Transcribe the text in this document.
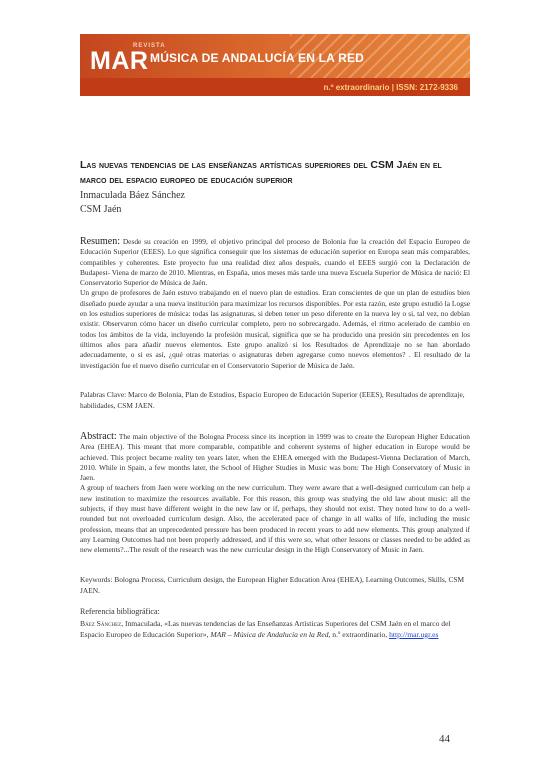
REVISTA
MAR MÚSICA DE ANDALUCÍA EN LA RED
n.º extraordinario | ISSN: 2172-9336
Las nuevas tendencias de las enseñanzas artísticas superiores del CSM Jaén en el marco del espacio europeo de educación superior
Inmaculada Báez Sánchez
CSM Jaén

Resumen: Desde su creación en 1999, el objetivo principal del proceso de Bolonia fue la creación del Espacio Europeo de Educación Superior (EEES). Lo que significa conseguir que los sistemas de educación superior en Europa sean más comparables, compatibles y coherentes. Este proyecto fue una realidad diez años después, cuando el EEES surgió con la Declaración de Budapest- Viena de marzo de 2010. Mientras, en España, unos meses más tarde una nueva Escuela Superior de Música de nació: El Conservatorio Superior de Música de Jaén.

Un grupo de profesores de Jaén estuvo trabajando en el nuevo plan de estudios. Eran conscientes de que un plan de estudios bien diseñado puede ayudar a una nueva institución para maximizar los recursos disponibles. Por esta razón, este grupo estudió la Logse en los estudios superiores de música: todas las asignaturas, si deben tener un peso diferente en la nueva ley o si, tal vez, no debían existir. Observaron cómo hacer un diseño curricular completo, pero no sobrecargado. Además, el ritmo acelerado de cambio en todos los ámbitos de la vida, incluyendo la profesión musical, significa que se ha producido una presión sin precedentes en los últimos años para añadir nuevos elementos. Este grupo analizó si los Resultados de Aprendizaje no se han abordado adecuadamente, o si es así, ¿qué otras materias o asignaturas deben agregarse como nuevos elementos? . El resultado de la investigación fue el nuevo diseño curricular en el Conservatorio Superior de Música de Jaén.

Palabras Clave: Marco de Bolonia, Plan de Estudios, Espacio Europeo de Educación Superior (EEES), Resultados de aprendizaje, habilidades, CSM JAEN.

Abstract: The main objective of the Bologna Process since its inception in 1999 was to create the European Higher Education Area (EHEA). This meant that more comparable, compatible and coherent systems of higher education in Europe would be achieved. This project became reality ten years later, when the EHEA emerged with the Budapest-Vienna Declaration of March, 2010. While in Spain, a few months later, the School of Higher Studies in Music was born: The High Conservatory of Music in Jaen.

A group of teachers from Jaen were working on the new curriculum. They were aware that a well-designed curriculum can help a new institution to maximize the resources available. For this reason, this group was studying the old law about music: all the subjects, if they must have different weight in the new law or if, perhaps, they should not exist. They noted how to do a well-rounded but not overloaded curriculum design. Also, the accelerated pace of change in all walks of life, including the music profession, means that an unprecedented pressure has been produced in recent years to add new elements. This group analyzed if any Learning Outcomes had not been properly addressed, and if this were so, what other lessons or classes needed to be added as new elements?...The result of the research was the new curricular design in the High Conservatory of Music in Jaen.

Keywords: Bologna Process, Curriculum design, the European Higher Education Area (EHEA), Learning Outcomes, Skills, CSM JAEN.
Referencia bibliográfica:
Báez Sánchez, Inmaculada, «Las nuevas tendencias de las Enseñanzas Artísticas Superiores del CSM Jaén en el marco del Espacio Europeo de Educación Superior», MAR – Música de Andalucía en la Red, n.º extraordinario, http://mar.ugr.es
44
